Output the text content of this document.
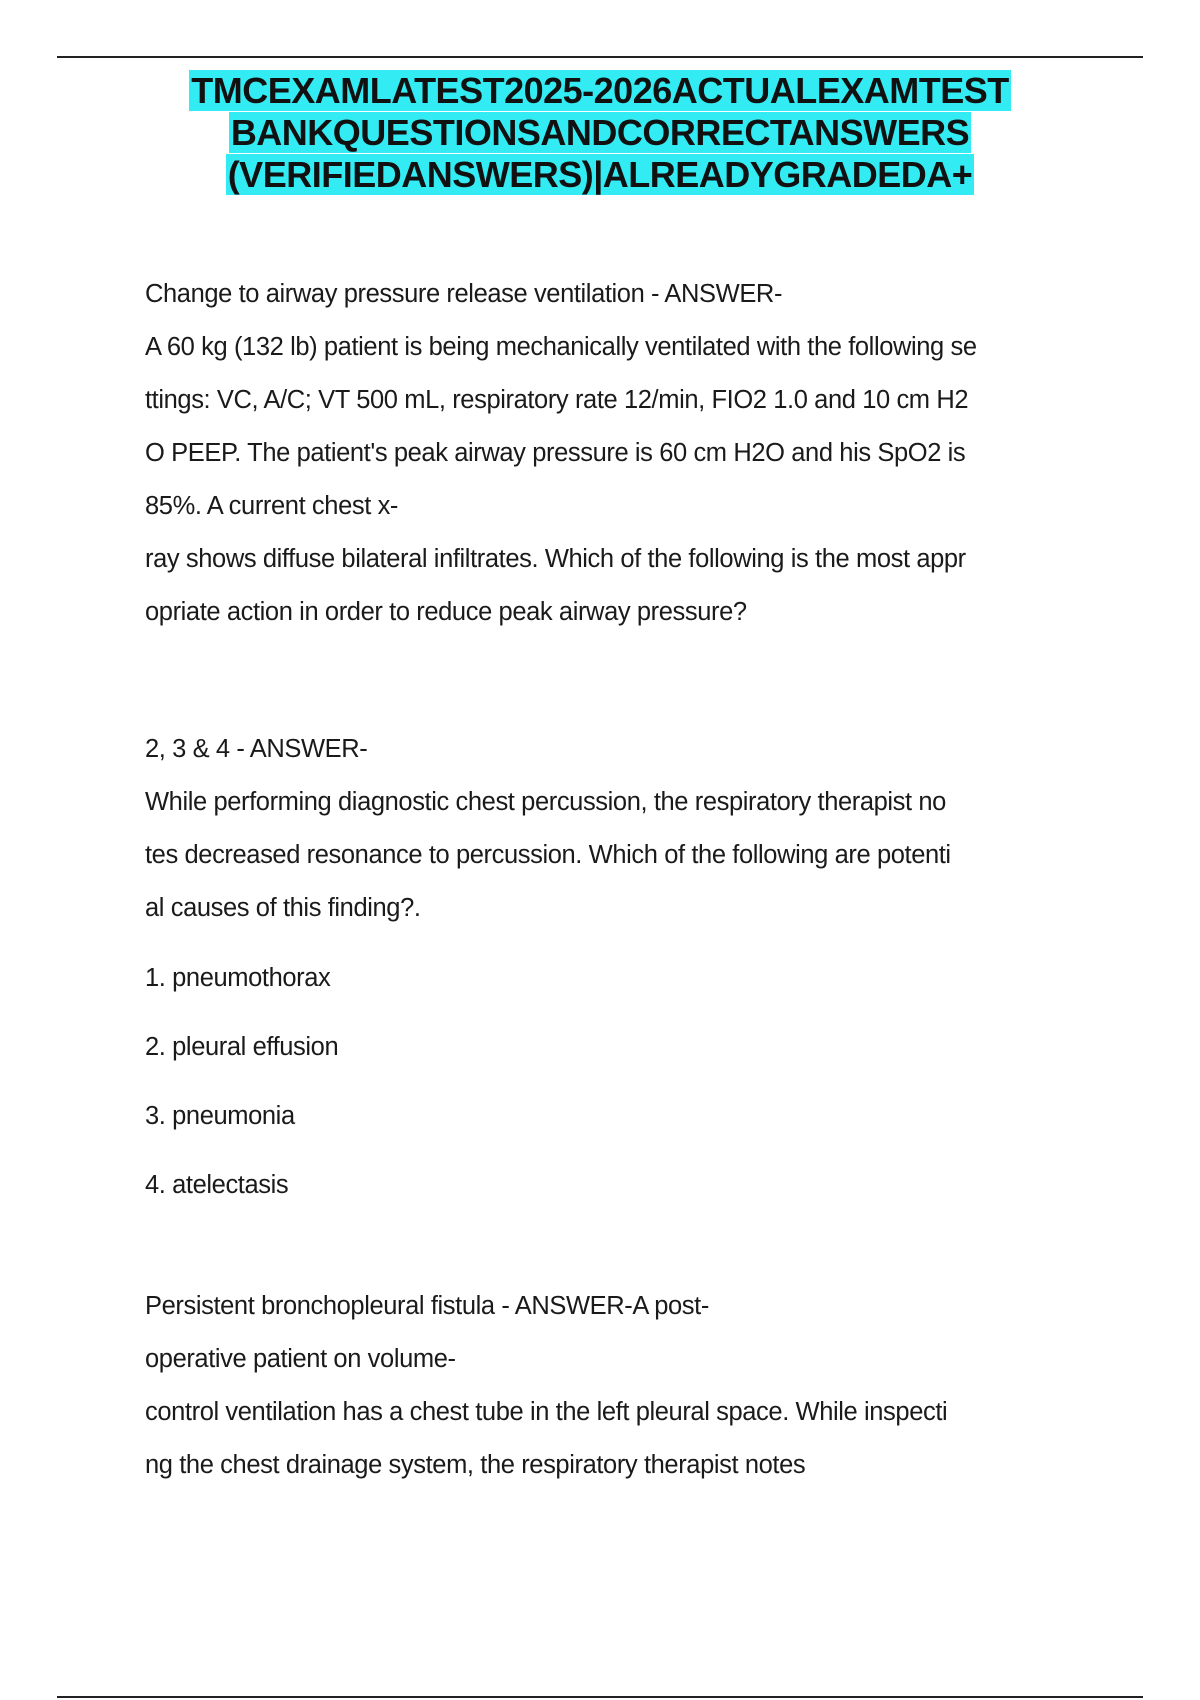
TMCEXAMLATEST2025-2026ACTUALEXAMTEST
BANKQUESTIONSANDCORRECTANSWERS
(VERIFIEDANSWERS)|ALREADYGRADEDA+
Change to airway pressure release ventilation - ANSWER-
A 60 kg (132 lb) patient is being mechanically ventilated with the following se
ttings: VC, A/C; VT 500 mL, respiratory rate 12/min, FIO2 1.0 and 10 cm H2
O PEEP. The patient's peak airway pressure is 60 cm H2O and his SpO2 is
85%. A current chest x-
ray shows diffuse bilateral infiltrates. Which of the following is the most appr
opriate action in order to reduce peak airway pressure?
2, 3 & 4 - ANSWER-
While performing diagnostic chest percussion, the respiratory therapist no
tes decreased resonance to percussion. Which of the following are potenti
al causes of this finding?.
1. pneumothorax
2. pleural effusion
3. pneumonia
4. atelectasis
Persistent bronchopleural fistula - ANSWER-A post-
operative patient on volume-
control ventilation has a chest tube in the left pleural space. While inspecti
ng the chest drainage system, the respiratory therapist notes
